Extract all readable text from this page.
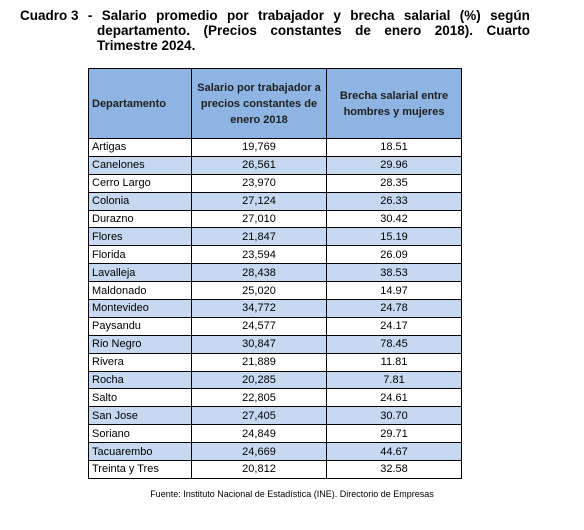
Cuadro 3 - Salario promedio por trabajador y brecha salarial (%) según
departamento. (Precios constantes de enero 2018). Cuarto
Trimestre 2024.
Departamento	Salario por trabajador a precios constantes de enero 2018	Brecha salarial entre hombres y mujeres
Artigas	19,769	18.51
Canelones	26,561	29.96
Cerro Largo	23,970	28.35
Colonia	27,124	26.33
Durazno	27,010	30.42
Flores	21,847	15.19
Florida	23,594	26.09
Lavalleja	28,438	38.53
Maldonado	25,020	14.97
Montevideo	34,772	24.78
Paysandu	24,577	24.17
Rio Negro	30,847	78.45
Rivera	21,889	11.81
Rocha	20,285	7.81
Salto	22,805	24.61
San Jose	27,405	30.70
Soriano	24,849	29.71
Tacuarembo	24,669	44.67
Treinta y Tres	20,812	32.58
Fuente: Instituto Nacional de Estadística (INE). Directorio de Empresas
